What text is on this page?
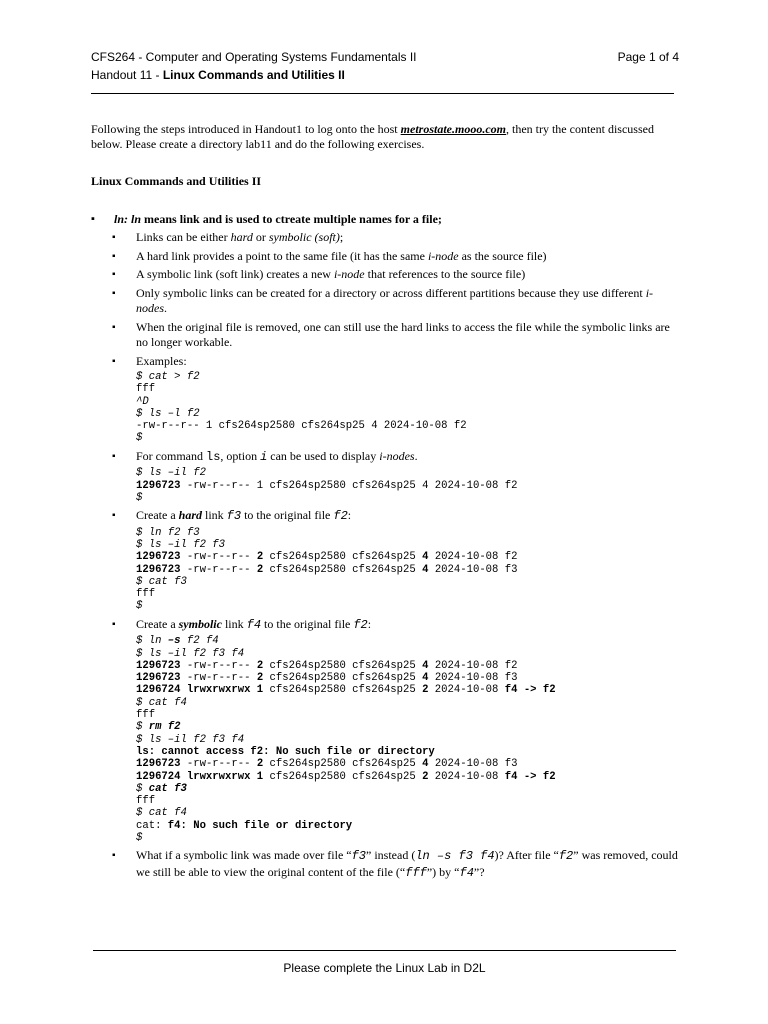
CFS264 - Computer and Operating Systems Fundamentals II	Page 1 of 4
Handout 11 - Linux Commands and Utilities II
Following the steps introduced in Handout1 to log onto the host metrostate.mooo.com, then try the content discussed below. Please create a directory lab11 and do the following exercises.
Linux Commands and Utilities II
▪ ln: ln means link and is used to ctreate multiple names for a file;
▪ Links can be either hard or symbolic (soft);
▪ A hard link provides a point to the same file (it has the same i-node as the source file)
▪ A symbolic link (soft link) creates a new i-node that references to the source file)
▪ Only symbolic links can be created for a directory or across different partitions because they use different i-nodes.
▪ When the original file is removed, one can still use the hard links to access the file while the symbolic links are no longer workable.
▪ Examples:
$ cat > f2
fff
^D
$ ls –l f2
-rw-r--r-- 1 cfs264sp2580 cfs264sp25 4 2024-10-08 f2
$
▪ For command ls, option i can be used to display i-nodes.
$ ls –il f2
1296723 -rw-r--r-- 1 cfs264sp2580 cfs264sp25 4 2024-10-08 f2
$
▪ Create a hard link f3 to the original file f2:
$ ln f2 f3
$ ls –il f2 f3
1296723 -rw-r--r-- 2 cfs264sp2580 cfs264sp25 4 2024-10-08 f2
1296723 -rw-r--r-- 2 cfs264sp2580 cfs264sp25 4 2024-10-08 f3
$ cat f3
fff
$
▪ Create a symbolic link f4 to the original file f2:
$ ln –s f2 f4
$ ls –il f2 f3 f4
1296723 -rw-r--r-- 2 cfs264sp2580 cfs264sp25 4 2024-10-08 f2
1296723 -rw-r--r-- 2 cfs264sp2580 cfs264sp25 4 2024-10-08 f3
1296724 lrwxrwxrwx 1 cfs264sp2580 cfs264sp25 2 2024-10-08 f4 -> f2
$ cat f4
fff
$ rm f2
$ ls –il f2 f3 f4
ls: cannot access f2: No such file or directory
1296723 -rw-r--r-- 2 cfs264sp2580 cfs264sp25 4 2024-10-08 f3
1296724 lrwxrwxrwx 1 cfs264sp2580 cfs264sp25 2 2024-10-08 f4 -> f2
$ cat f3
fff
$ cat f4
cat: f4: No such file or directory
$
▪ What if a symbolic link was made over file “f3” instead (ln –s f3 f4)? After file “f2” was removed, could we still be able to view the original content of the file (“fff”) by “f4”?
Please complete the Linux Lab in D2L
